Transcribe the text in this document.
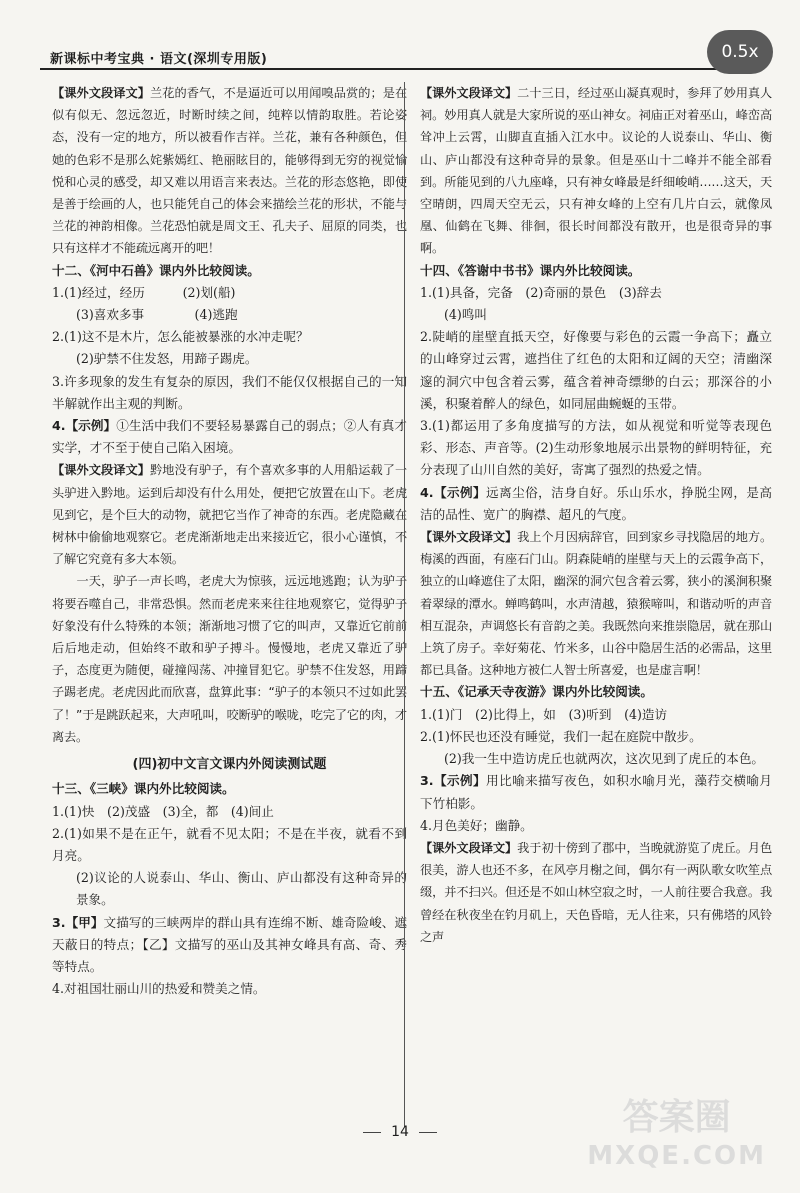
新课标中考宝典 · 语文(深圳专用版)	0.5x

【课外文段译文】兰花的香气，不是逼近可以用闻嗅品赏的；是在似有似无、忽远忽近，时断时续之间，纯粹以情韵取胜。若论姿态，没有一定的地方，所以被看作吉祥。兰花，兼有各种颜色，但她的色彩不是那么姹紫嫣红、艳丽眩目的，能够得到无穷的视觉愉悦和心灵的感受，却又难以用语言来表达。兰花的形态悠艳，即使是善于绘画的人，也只能凭自己的体会来描绘兰花的形状，不能与兰花的神韵相像。兰花恐怕就是周文王、孔夫子、屈原的同类，也只有这样才不能疏远离开的吧！

十二、《河中石兽》课内外比较阅读。

1.(1)经过，经历　　　(2)划(船)

(3)喜欢多事　　　　(4)逃跑

2.(1)这不是木片，怎么能被暴涨的水冲走呢？

(2)驴禁不住发怒，用蹄子踢虎。

3.许多现象的发生有复杂的原因，我们不能仅仅根据自己的一知半解就作出主观的判断。

4.【示例】①生活中我们不要轻易暴露自己的弱点；②人有真才实学，才不至于使自己陷入困境。

【课外文段译文】黔地没有驴子，有个喜欢多事的人用船运载了一头驴进入黔地。运到后却没有什么用处，便把它放置在山下。老虎见到它，是个巨大的动物，就把它当作了神奇的东西。老虎隐藏在树林中偷偷地观察它。老虎渐渐地走出来接近它，很小心谨慎，不了解它究竟有多大本领。

　　一天，驴子一声长鸣，老虎大为惊骇，远远地逃跑；认为驴子将要吞噬自己，非常恐惧。然而老虎来来往往地观察它，觉得驴子好象没有什么特殊的本领；渐渐地习惯了它的叫声，又靠近它前前后后地走动，但始终不敢和驴子搏斗。慢慢地，老虎又靠近了驴子，态度更为随便，碰撞闯荡、冲撞冒犯它。驴禁不住发怒，用蹄子踢老虎。老虎因此而欣喜，盘算此事：“驴子的本领只不过如此罢了！”于是跳跃起来，大声吼叫，咬断驴的喉咙，吃完了它的肉，才离去。

(四)初中文言文课内外阅读测试题

十三、《三峡》课内外比较阅读。

1.(1)快　(2)茂盛　(3)全，都　(4)间止

2.(1)如果不是在正午，就看不见太阳；不是在半夜，就看不到月亮。

(2)议论的人说泰山、华山、衡山、庐山都没有这种奇异的景象。

3.【甲】文描写的三峡两岸的群山具有连绵不断、雄奇险峻、遮天蔽日的特点；【乙】文描写的巫山及其神女峰具有高、奇、秀等特点。

4.对祖国壮丽山川的热爱和赞美之情。

【课外文段译文】二十三日，经过巫山凝真观时，参拜了妙用真人祠。妙用真人就是大家所说的巫山神女。祠庙正对着巫山，峰峦高耸冲上云霄，山脚直直插入江水中。议论的人说泰山、华山、衡山、庐山都没有这种奇异的景象。但是巫山十二峰并不能全部看到。所能见到的八九座峰，只有神女峰最是纤细峻峭……这天，天空晴朗，四周天空无云，只有神女峰的上空有几片白云，就像凤凰、仙鹤在飞舞、徘徊，很长时间都没有散开，也是很奇异的事啊。

十四、《答谢中书书》课内外比较阅读。

1.(1)具备，完备　(2)奇丽的景色　(3)辞去

(4)鸣叫

2.陡峭的崖壁直抵天空，好像要与彩色的云霞一争高下；矗立的山峰穿过云霄，遮挡住了红色的太阳和辽阔的天空；清幽深邃的洞穴中包含着云雾，蕴含着神奇缥缈的白云；那深谷的小溪，积聚着醉人的绿色，如同屈曲蜿蜒的玉带。

3.(1)都运用了多角度描写的方法，如从视觉和听觉等表现色彩、形态、声音等。(2)生动形象地展示出景物的鲜明特征，充分表现了山川自然的美好，寄寓了强烈的热爱之情。

4.【示例】远离尘俗，洁身自好。乐山乐水，挣脱尘网，是高洁的品性、宽广的胸襟、超凡的气度。

【课外文段译文】我上个月因病辞官，回到家乡寻找隐居的地方。梅溪的西面，有座石门山。阴森陡峭的崖壁与天上的云霞争高下，独立的山峰遮住了太阳，幽深的洞穴包含着云雾，狭小的溪涧积聚着翠绿的潭水。蝉鸣鹤叫，水声清越，猿猴啼叫，和谐动听的声音相互混杂，声调悠长有音韵之美。我既然向来推崇隐居，就在那山上筑了房子。幸好菊花、竹米多，山谷中隐居生活的必需品，这里都已具备。这种地方被仁人智士所喜爱，也是虚言啊！

十五、《记承天寺夜游》课内外比较阅读。

1.(1)门　(2)比得上，如　(3)听到　(4)造访

2.(1)怀民也还没有睡觉，我们一起在庭院中散步。

(2)我一生中造访虎丘也就两次，这次见到了虎丘的本色。

3.【示例】用比喻来描写夜色，如积水喻月光，藻荇交横喻月下竹柏影。

4.月色美好；幽静。

【课外文段译文】我于初十傍到了郡中，当晚就游览了虎丘。月色很美，游人也还不多，在风亭月榭之间，偶尔有一两队歌女吹笙点缀，并不扫兴。但还是不如山林空寂之时，一人前往要合我意。我曾经在秋夜坐在钓月矶上，天色昏暗，无人往来，只有佛塔的风铃之声

14	答案圈
MXQE.COM
